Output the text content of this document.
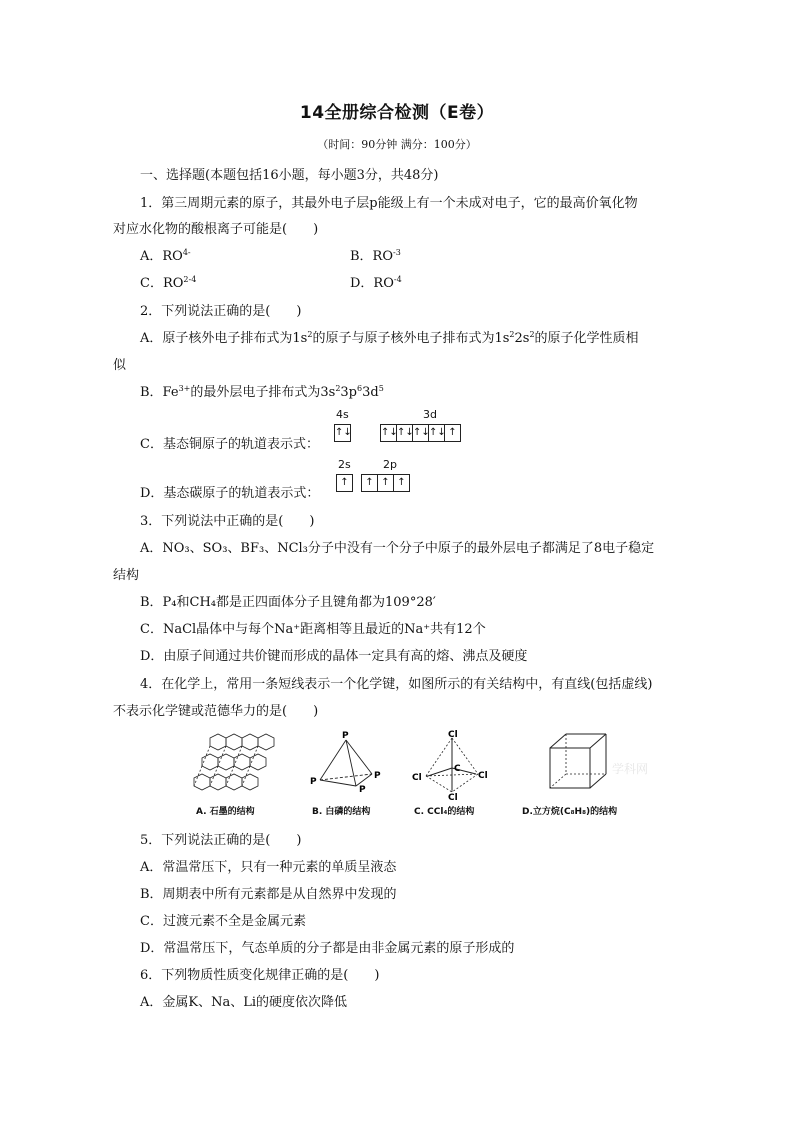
14全册综合检测（E卷）
（时间：90分钟 满分：100分）
一、选择题(本题包括16小题，每小题3分，共48分)
1．第三周期元素的原子，其最外电子层p能级上有一个未成对电子，它的最高价氧化物
对应水化物的酸根离子可能是(　　)
A．$RO^{4-}$	B．$RO^{-3}$
C．RO$^{2-4}$	D．$RO^{-4}$
2．下列说法正确的是(　　)
A．原子核外电子排布式为$1s^2$的原子与原子核外电子排布式为$1s^22s^2$的原子化学性质相
似
B．$Fe^{3+}$的最外层电子排布式为$3s^23p^63d^5$
4s	3d
C．基态铜原子的轨道表示式：
↑↓	↑↓ ↑↓ ↑↓ ↑↓ ↑
2s	2p
D．基态碳原子的轨道表示式：
↑	↑ ↑ ↑
3．下列说法中正确的是(　　)
A．NO₃、SO₃、BF₃、NCl₃分子中没有一个分子中原子的最外层电子都满足了8电子稳定
结构
B．P₄和CH₄都是正四面体分子且键角都为109°28′
C．NaCl晶体中与每个Na⁺距离相等且最近的Na⁺共有12个
D．由原子间通过共价键而形成的晶体一定具有高的熔、沸点及硬度
4．在化学上，常用一条短线表示一个化学键，如图所示的有关结构中，有直线(包括虚线)
不表示化学键或范德华力的是(　　)
A. 石墨的结构
P
P
P
P
B. 白磷的结构
Cl
Cl	Cl
Cl
C
C. CCl₄的结构	D.立方烷(C₈H₈)的结构
学科网
5．下列说法正确的是(　　)
A．常温常压下，只有一种元素的单质呈液态
B．周期表中所有元素都是从自然界中发现的
C．过渡元素不全是金属元素
D．常温常压下，气态单质的分子都是由非金属元素的原子形成的
6．下列物质性质变化规律正确的是(　　)
A．金属K、Na、Li的硬度依次降低
